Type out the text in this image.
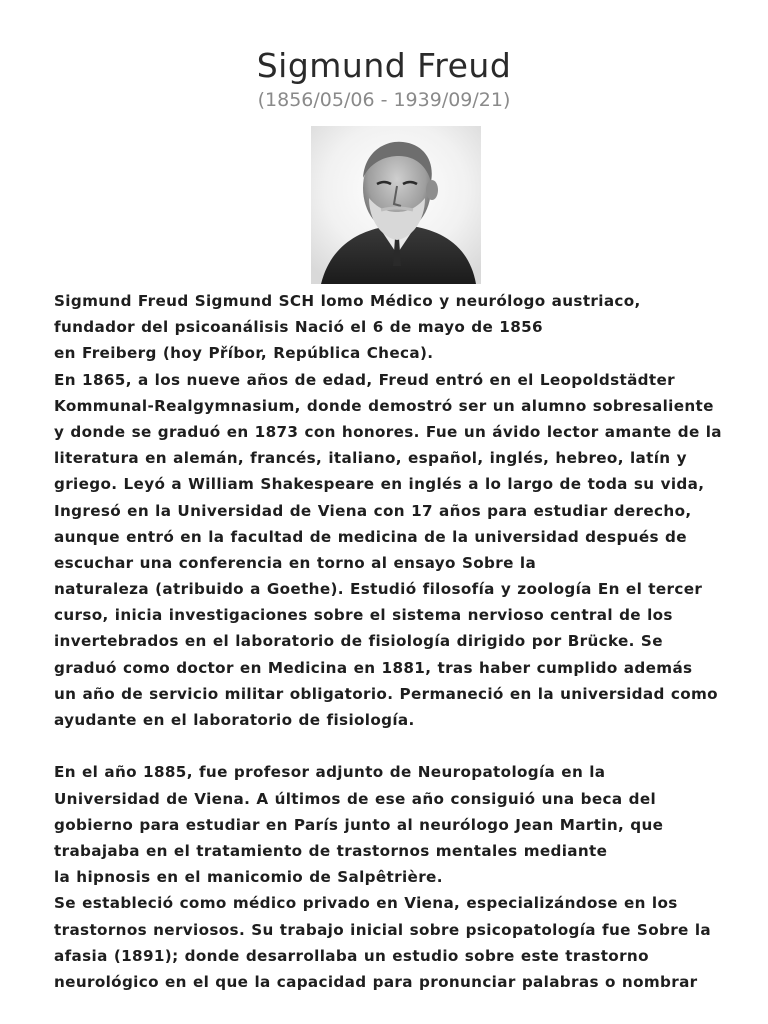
Sigmund Freud
(1856/05/06 - 1939/09/21)
Sigmund Freud Sigmund SCH lomo Médico y neurólogo austriaco,
fundador del psicoanálisis Nació el 6 de mayo de 1856
en Freiberg (hoy Příbor, República Checa).
En 1865, a los nueve años de edad, Freud entró en el Leopoldstädter
Kommunal-Realgymnasium, donde demostró ser un alumno sobresaliente
y donde se graduó en 1873 con honores. Fue un ávido lector amante de la
literatura en alemán, francés, italiano, español, inglés, hebreo, latín y
griego. Leyó a William Shakespeare en inglés a lo largo de toda su vida,
Ingresó en la Universidad de Viena con 17 años para estudiar derecho,
aunque entró en la facultad de medicina de la universidad después de
escuchar una conferencia en torno al ensayo Sobre la
naturaleza (atribuido a Goethe). Estudió filosofía y zoología En el tercer
curso, inicia investigaciones sobre el sistema nervioso central de los
invertebrados en el laboratorio de fisiología dirigido por Brücke. Se
graduó como doctor en Medicina en 1881, tras haber cumplido además
un año de servicio militar obligatorio. Permaneció en la universidad como
ayudante en el laboratorio de fisiología.
En el año 1885, fue profesor adjunto de Neuropatología en la
Universidad de Viena. A últimos de ese año consiguió una beca del
gobierno para estudiar en París junto al neurólogo Jean Martin, que
trabajaba en el tratamiento de trastornos mentales mediante
la hipnosis en el manicomio de Salpêtrière.
Se estableció como médico privado en Viena, especializándose en los
trastornos nerviosos. Su trabajo inicial sobre psicopatología fue Sobre la
afasia (1891); donde desarrollaba un estudio sobre este trastorno
neurológico en el que la capacidad para pronunciar palabras o nombrar
